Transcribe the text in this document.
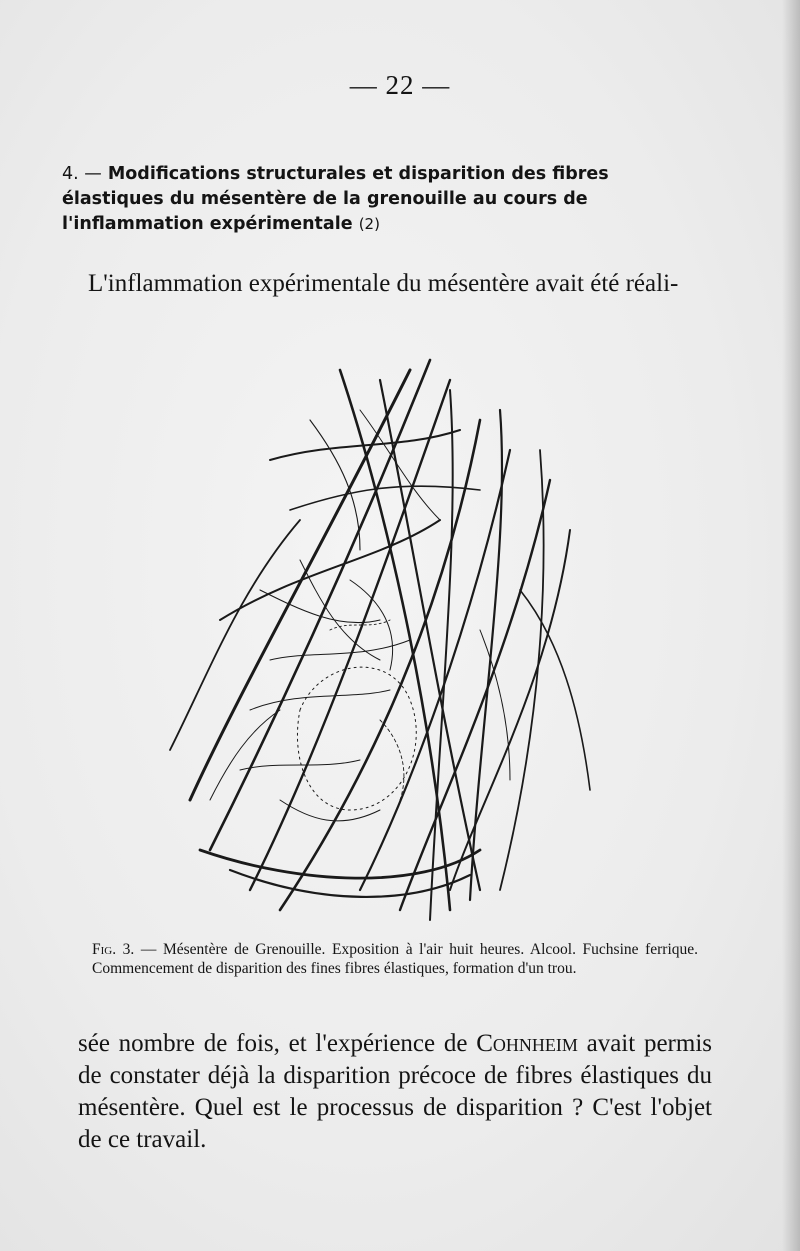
— 22 —
4. — Modifications structurales et disparition des fibres élastiques du mésentère de la grenouille au cours de l'inflammation expérimentale (2)
L'inflammation expérimentale du mésentère avait été réali-
Fig. 3. — Mésentère de Grenouille. Exposition à l'air huit heures. Alcool. Fuchsine ferrique. Commencement de disparition des fines fibres élastiques, formation d'un trou.
sée nombre de fois, et l'expérience de Cohnheim avait permis de constater déjà la disparition précoce de fibres élastiques du mésentère. Quel est le processus de disparition ? C'est l'objet de ce travail.
